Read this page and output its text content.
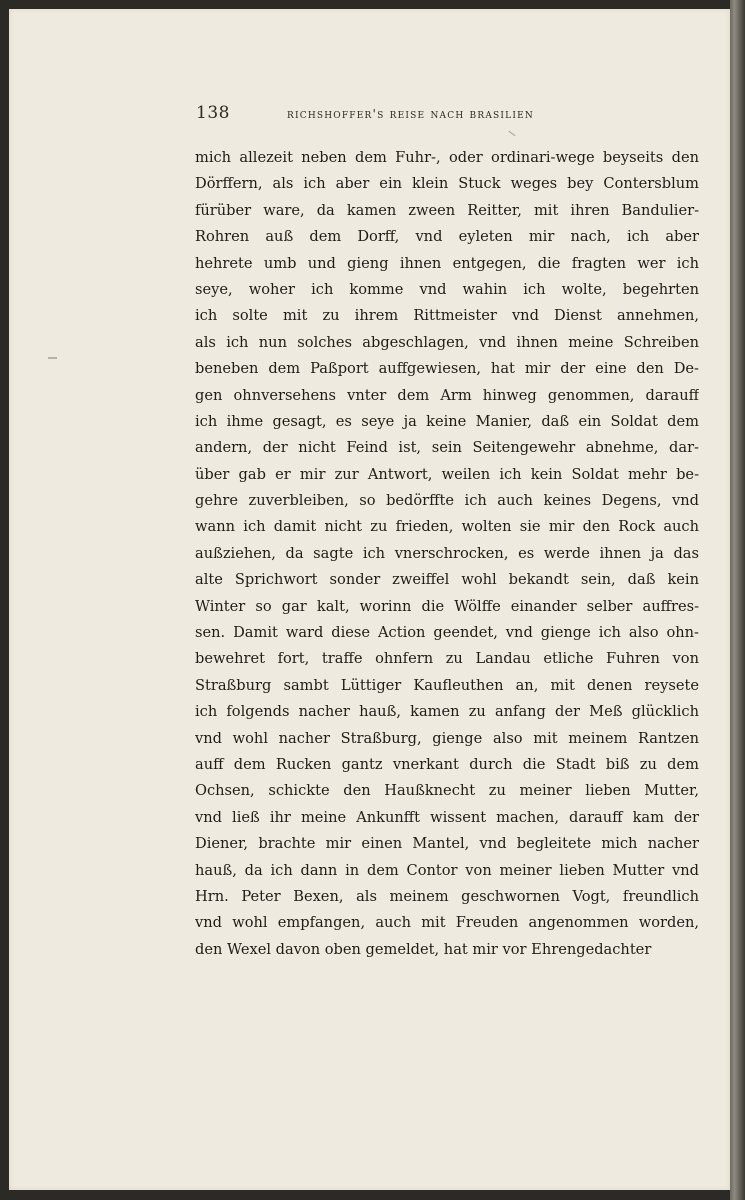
138	richshoffer's reise nach brasilien
mich allezeit neben dem Fuhr-, oder ordinari-wege beyseits den
Dörffern, als ich aber ein klein Stuck weges bey Contersblum
fürüber ware, da kamen zween Reitter, mit ihren Bandulier-
Rohren auß dem Dorff, vnd eyleten mir nach, ich aber
hehrete umb und gieng ihnen entgegen, die fragten wer ich
seye, woher ich komme vnd wahin ich wolte, begehrten
ich solte mit zu ihrem Rittmeister vnd Dienst annehmen,
als ich nun solches abgeschlagen, vnd ihnen meine Schreiben
beneben dem Paßport auffgewiesen, hat mir der eine den De-
gen ohnversehens vnter dem Arm hinweg genommen, darauff
ich ihme gesagt, es seye ja keine Manier, daß ein Soldat dem
andern, der nicht Feind ist, sein Seitengewehr abnehme, dar-
über gab er mir zur Antwort, weilen ich kein Soldat mehr be-
gehre zuverbleiben, so bedörffte ich auch keines Degens, vnd
wann ich damit nicht zu frieden, wolten sie mir den Rock auch
außziehen, da sagte ich vnerschrocken, es werde ihnen ja das
alte Sprichwort sonder zweiffel wohl bekandt sein, daß kein
Winter so gar kalt, worinn die Wölffe einander selber auffres-
sen. Damit ward diese Action geendet, vnd gienge ich also ohn-
bewehret fort, traffe ohnfern zu Landau etliche Fuhren von
Straßburg sambt Lüttiger Kaufleuthen an, mit denen reysete
ich folgends nacher hauß, kamen zu anfang der Meß glücklich
vnd wohl nacher Straßburg, gienge also mit meinem Rantzen
auff dem Rucken gantz vnerkant durch die Stadt biß zu dem
Ochsen, schickte den Haußknecht zu meiner lieben Mutter,
vnd ließ ihr meine Ankunfft wissent machen, darauff kam der
Diener, brachte mir einen Mantel, vnd begleitete mich nacher
hauß, da ich dann in dem Contor von meiner lieben Mutter vnd
Hrn. Peter Bexen, als meinem geschwornen Vogt, freundlich
vnd wohl empfangen, auch mit Freuden angenommen worden,
den Wexel davon oben gemeldet, hat mir vor Ehrengedachter
